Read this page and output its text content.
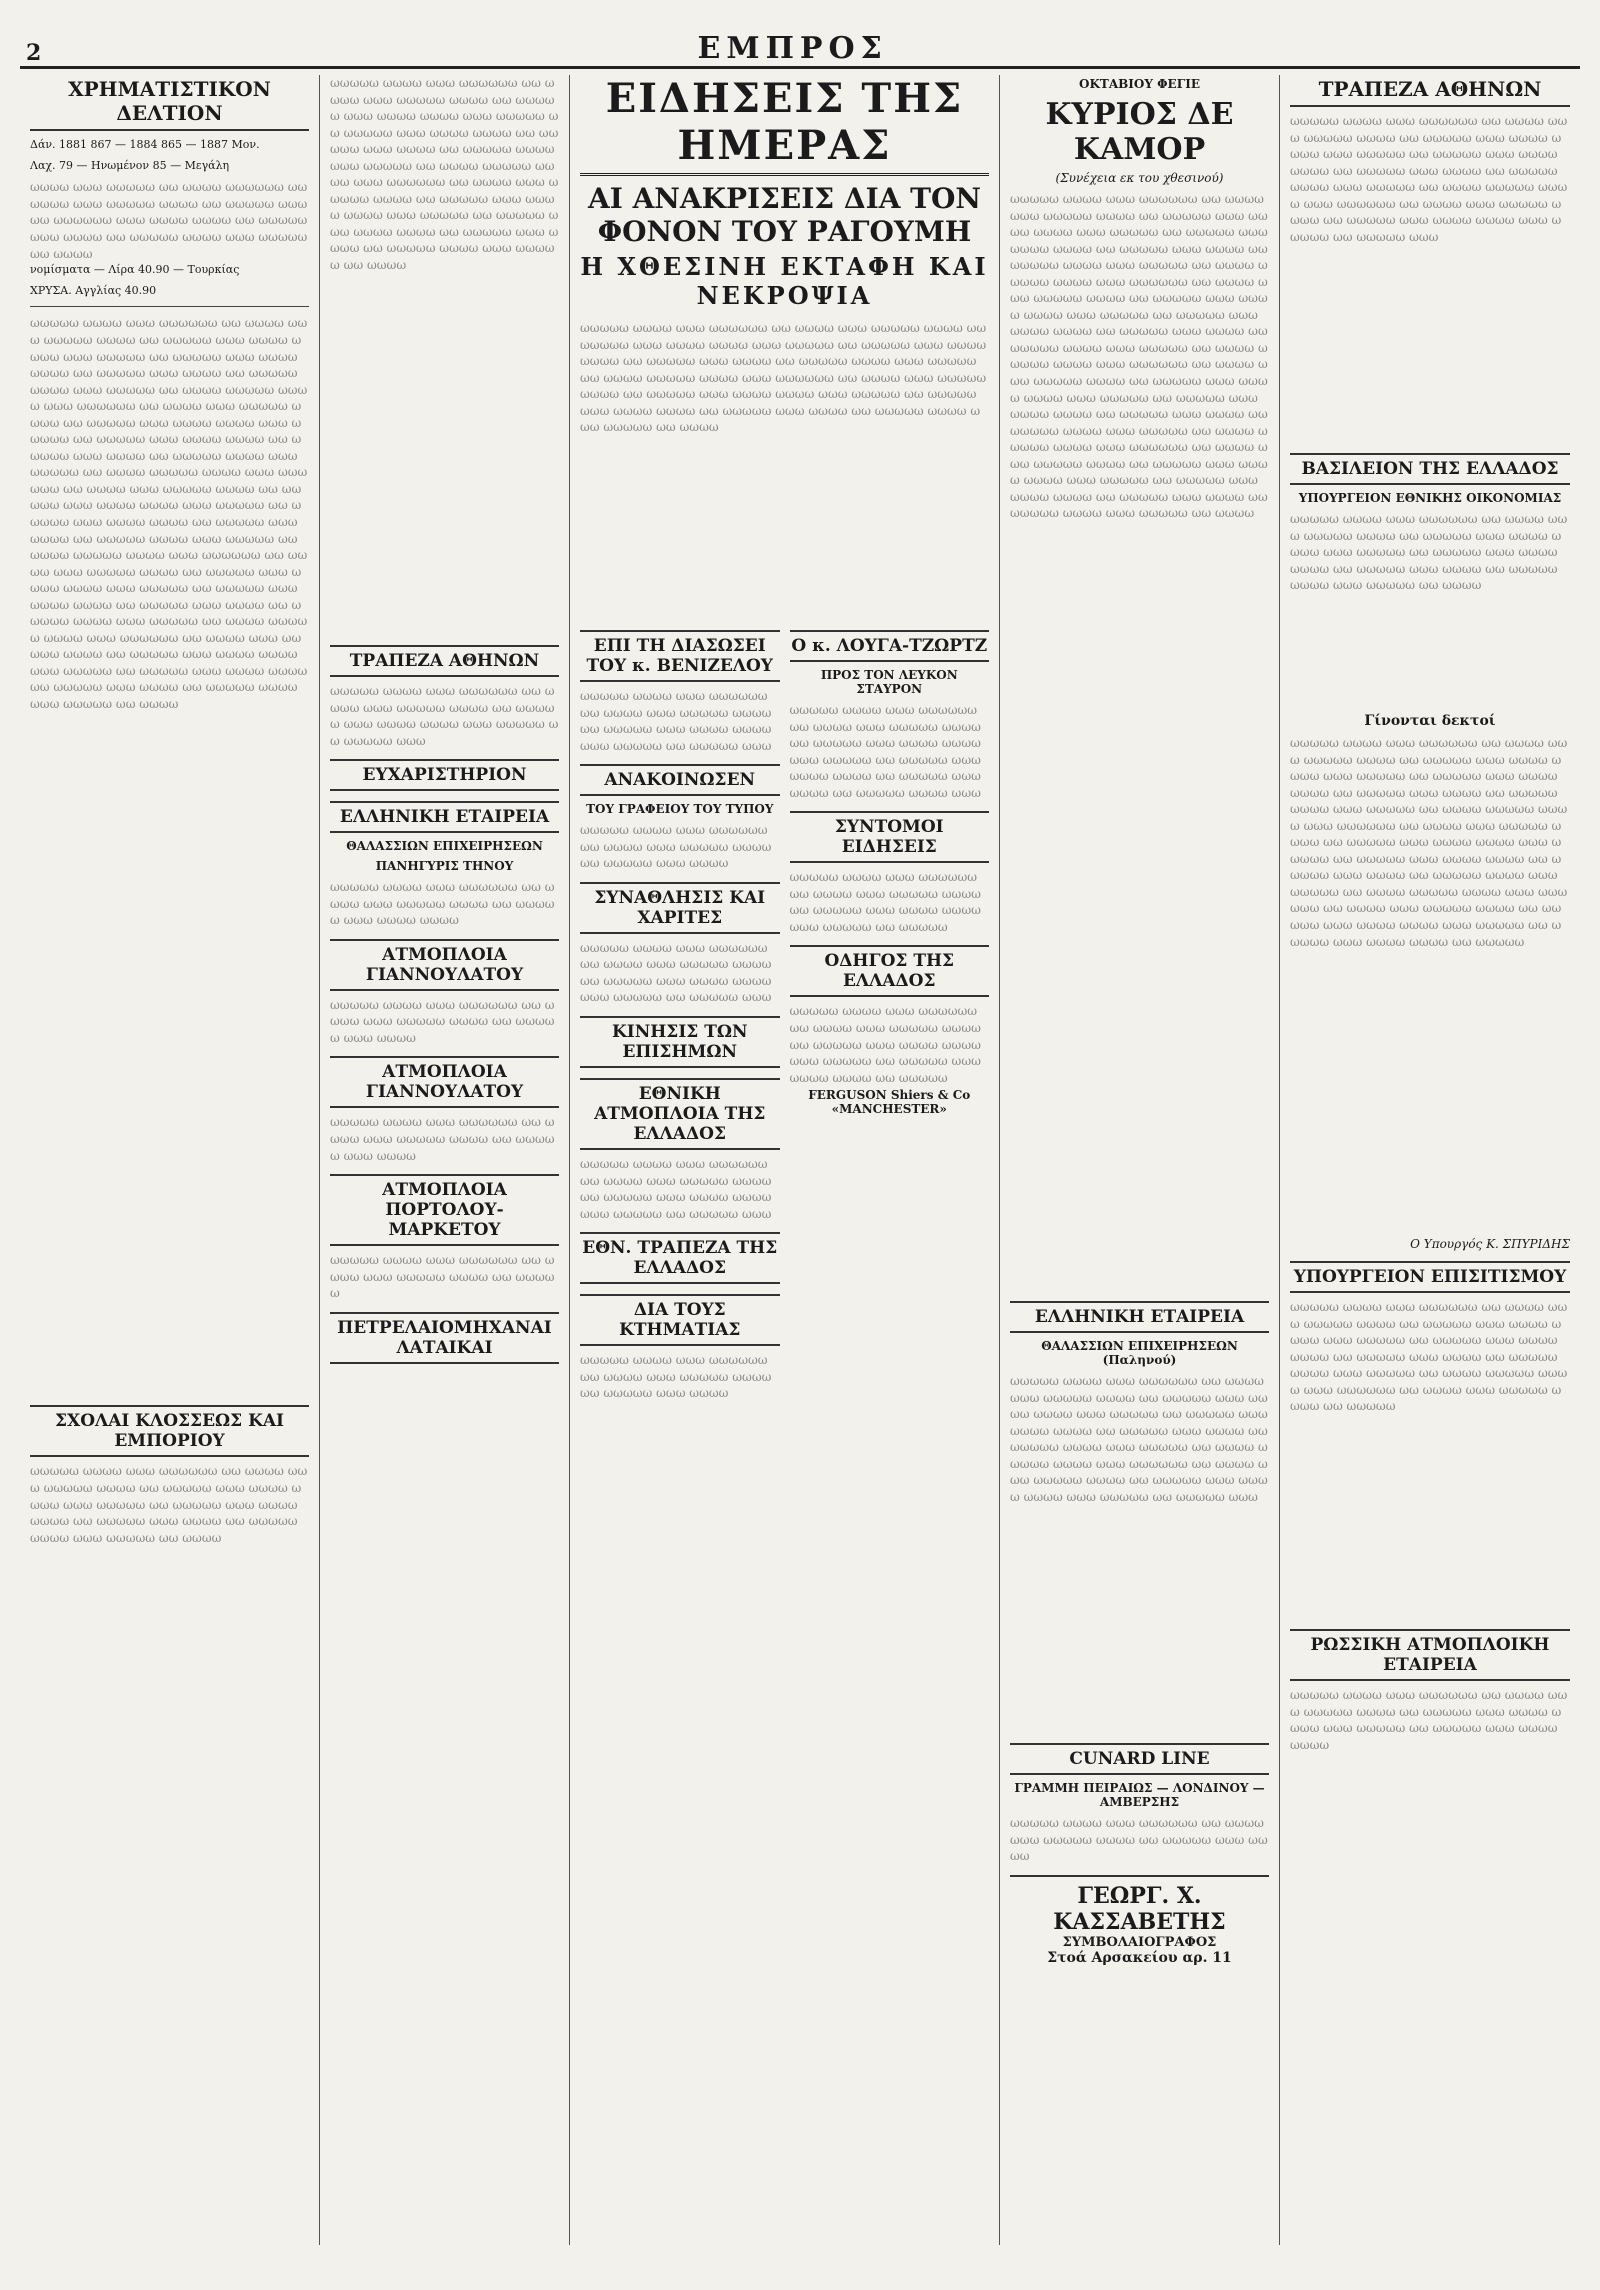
2	ΕΜΠΡΟΣ
ΧΡΗΜΑΤΙΣΤΙΚΟΝ ΔΕΛΤΙΟΝ

Δάν. 1881 867 — 1884 865 — 1887 Μον.

Λαχ. 79 — Ηνωμένον 85 — Μεγάλη

ωωωω ωωω ωωωωω ωω ωωωω ωωωωωω ωω ωωωω ωωω ωωωωω ωωωω ωω ωωωωω ωωω ωω ωωωωωω ωωω ωωωω ωωωω ωω ωωωωω ωωω ωωωω ωω ωωωωω ωωωω ωωω ωωωωω ωω ωωωω

νομίσματα — Λίρα 40.90 — Τουρκίας

ΧΡΥΣΑ. Αγγλίας 40.90

ωωωωω ωωωω ωωω ωωωωωω ωω ωωωω ωωω ωωωωω ωωωω ωω ωωωωω ωωω ωωωω ωωωω ωωω ωωωωω ωω ωωωωω ωωω ωωωω ωωωω ωω ωωωωω ωωω ωωωω ωω ωωωωω ωωωω ωωω ωωωωω ωω ωωωω ωωωωω ωωωω ωωω ωωωωωω ωω ωωωω ωωω ωωωωω ωωωω ωω ωωωωω ωωω ωωωω ωωωω ωωω ωωωωω ωω ωωωωω ωωω ωωωω ωωωω ωω ωωωωω ωωω ωωωω ωω ωωωωω ωωωω ωωω ωωωωω ωω ωωωω ωωωωω ωωωω ωωω ωωωωωω ωω ωωωω ωωω ωωωωω ωωωω ωω ωωωωω ωωω ωωωω ωωωω ωωω ωωωωω ωω ωωωωω ωωω ωωωω ωωωω ωω ωωωωω ωωω ωωωω ωω ωωωωω ωωωω ωωω ωωωωω ωω ωωωω ωωωωω ωωωω ωωω ωωωωωω ωω ωωωω ωωω ωωωωω ωωωω ωω ωωωωω ωωω ωωωω ωωωω ωωω ωωωωω ωω ωωωωω ωωω ωωωω ωωωω ωω ωωωωω ωωω ωωωω ωω ωωωωω ωωωω ωωω ωωωωω ωω ωωωω ωωωωω ωωωω ωωω ωωωωωω ωω ωωωω ωωω ωωωωω ωωωω ωω ωωωωω ωωω ωωωω ωωωω ωωω ωωωωω ωω ωωωωω ωωω ωωωω ωωωω ωω ωωωωω ωωω ωωωω ωω ωωωωω ωωωω ωωω ωωωωω ωω ωωωω
ΣΧΟΛΑΙ ΚΛΟΣΣΕΩΣ ΚΑΙ ΕΜΠΟΡΙΟΥ
ωωωωω ωωωω ωωω ωωωωωω ωω ωωωω ωωω ωωωωω ωωωω ωω ωωωωω ωωω ωωωω ωωωω ωωω ωωωωω ωω ωωωωω ωωω ωωωω ωωωω ωω ωωωωω ωωω ωωωω ωω ωωωωω ωωωω ωωω ωωωωω ωω ωωωω
ωωωωω ωωωω ωωω ωωωωωω ωω ωωωω ωωω ωωωωω ωωωω ωω ωωωωω ωωω ωωωω ωωωω ωωω ωωωωω ωω ωωωωω ωωω ωωωω ωωωω ωω ωωωωω ωωω ωωωω ωω ωωωωω ωωωω ωωω ωωωωω ωω ωωωω ωωωωω ωωωω ωωω ωωωωωω ωω ωωωω ωωω ωωωωω ωωωω ωω ωωωωω ωωω ωωωω ωωωω ωωω ωωωωω ωω ωωωωω ωωω ωωωω ωωωω ωω ωωωωω ωωω ωωωω ωω ωωωωω ωωωω ωωω ωωωωω ωω ωωωω
ΤΡΑΠΕΖΑ ΑΘΗΝΩΝ
ωωωωω ωωωω ωωω ωωωωωω ωω ωωωω ωωω ωωωωω ωωωω ωω ωωωωω ωωω ωωωω ωωωω ωωω ωωωωω ωω ωωωωω ωωω
ΕΥΧΑΡΙΣΤΗΡΙΟΝ
ΕΛΛΗΝΙΚΗ ΕΤΑΙΡΕΙΑ

ΘΑΛΑΣΣΙΩΝ ΕΠΙΧΕΙΡΗΣΕΩΝ

ΠΑΝΗΓΥΡΙΣ ΤΗΝΟΥ

ωωωωω ωωωω ωωω ωωωωωω ωω ωωωω ωωω ωωωωω ωωωω ωω ωωωωω ωωω ωωωω ωωωω
ΑΤΜΟΠΛΟΙΑ ΓΙΑΝΝΟΥΛΑΤΟΥ
ωωωωω ωωωω ωωω ωωωωωω ωω ωωωω ωωω ωωωωω ωωωω ωω ωωωωω ωωω ωωωω
ΑΤΜΟΠΛΟΙΑ ΓΙΑΝΝΟΥΛΑΤΟΥ
ωωωωω ωωωω ωωω ωωωωωω ωω ωωωω ωωω ωωωωω ωωωω ωω ωωωωω ωωω ωωωω
ΑΤΜΟΠΛΟΙΑ ΠΟΡΤΟΛΟΥ-ΜΑΡΚΕΤΟΥ
ωωωωω ωωωω ωωω ωωωωωω ωω ωωωω ωωω ωωωωω ωωωω ωω ωωωωω
ΠΕΤΡΕΛΑΙΟΜΗΧΑΝΑΙ ΛΑΤΑΙΚΑΙ
ΕΙΔΗΣΕΙΣ ΤΗΣ ΗΜΕΡΑΣ
ΑΙ ΑΝΑΚΡΙΣΕΙΣ ΔΙΑ ΤΟΝ ΦΟΝΟΝ ΤΟΥ ΡΑΓΟΥΜΗ
Η ΧΘΕΣΙΝΗ ΕΚΤΑΦΗ ΚΑΙ ΝΕΚΡΟΨΙΑ
ωωωωω ωωωω ωωω ωωωωωω ωω ωωωω ωωω ωωωωω ωωωω ωω ωωωωω ωωω ωωωω ωωωω ωωω ωωωωω ωω ωωωωω ωωω ωωωω ωωωω ωω ωωωωω ωωω ωωωω ωω ωωωωω ωωωω ωωω ωωωωω ωω ωωωω ωωωωω ωωωω ωωω ωωωωωω ωω ωωωω ωωω ωωωωω ωωωω ωω ωωωωω ωωω ωωωω ωωωω ωωω ωωωωω ωω ωωωωω ωωω ωωωω ωωωω ωω ωωωωω ωωω ωωωω ωω ωωωωω ωωωω ωωω ωωωωω ωω ωωωω
ΕΠΙ ΤΗ ΔΙΑΣΩΣΕΙ ΤΟΥ κ. ΒΕΝΙΖΕΛΟΥ
ωωωωω ωωωω ωωω ωωωωωω ωω ωωωω ωωω ωωωωω ωωωω ωω ωωωωω ωωω ωωωω ωωωω ωωω ωωωωω ωω ωωωωω ωωω
ΑΝΑΚΟΙΝΩΣΕΝ

ΤΟΥ ΓΡΑΦΕΙΟΥ ΤΟΥ ΤΥΠΟΥ

ωωωωω ωωωω ωωω ωωωωωω ωω ωωωω ωωω ωωωωω ωωωω ωω ωωωωω ωωω ωωωω
ΣΥΝΑΘΛΗΣΙΣ ΚΑΙ ΧΑΡΙΤΕΣ
ωωωωω ωωωω ωωω ωωωωωω ωω ωωωω ωωω ωωωωω ωωωω ωω ωωωωω ωωω ωωωω ωωωω ωωω ωωωωω ωω ωωωωω ωωω
ΚΙΝΗΣΙΣ ΤΩΝ ΕΠΙΣΗΜΩΝ
ΕΘΝΙΚΗ ΑΤΜΟΠΛΟΙΑ ΤΗΣ ΕΛΛΑΔΟΣ
ωωωωω ωωωω ωωω ωωωωωω ωω ωωωω ωωω ωωωωω ωωωω ωω ωωωωω ωωω ωωωω ωωωω ωωω ωωωωω ωω ωωωωω ωωω
ΕΘΝ. ΤΡΑΠΕΖΑ ΤΗΣ ΕΛΛΑΔΟΣ
ΔΙΑ ΤΟΥΣ ΚΤΗΜΑΤΙΑΣ
ωωωωω ωωωω ωωω ωωωωωω ωω ωωωω ωωω ωωωωω ωωωω ωω ωωωωω ωωω ωωωω
Ο κ. ΛΟΥΓΑ-ΤΖΩΡΤΖ

ΠΡΟΣ ΤΟΝ ΛΕΥΚΟΝ ΣΤΑΥΡΟΝ

ωωωωω ωωωω ωωω ωωωωωω ωω ωωωω ωωω ωωωωω ωωωω ωω ωωωωω ωωω ωωωω ωωωω ωωω ωωωωω ωω ωωωωω ωωω ωωωω ωωωω ωω ωωωωω ωωω ωωωω ωω ωωωωω ωωωω ωωω
ΣΥΝΤΟΜΟΙ ΕΙΔΗΣΕΙΣ
ωωωωω ωωωω ωωω ωωωωωω ωω ωωωω ωωω ωωωωω ωωωω ωω ωωωωω ωωω ωωωω ωωωω ωωω ωωωωω ωω ωωωωω
ΟΔΗΓΟΣ ΤΗΣ ΕΛΛΑΔΟΣ
ωωωωω ωωωω ωωω ωωωωωω ωω ωωωω ωωω ωωωωω ωωωω ωω ωωωωω ωωω ωωωω ωωωω ωωω ωωωωω ωω ωωωωω ωωω ωωωω ωωωω ωω ωωωωω

FERGUSON Shiers & Co «MANCHESTER»

ΟΚΤΑΒΙΟΥ ΦΕΓΙΕ

ΚΥΡΙΟΣ ΔΕ ΚΑΜΟΡ

(Συνέχεια εκ του χθεσινού)

ωωωωω ωωωω ωωω ωωωωωω ωω ωωωω ωωω ωωωωω ωωωω ωω ωωωωω ωωω ωωωω ωωωω ωωω ωωωωω ωω ωωωωω ωωω ωωωω ωωωω ωω ωωωωω ωωω ωωωω ωω ωωωωω ωωωω ωωω ωωωωω ωω ωωωω ωωωωω ωωωω ωωω ωωωωωω ωω ωωωω ωωω ωωωωω ωωωω ωω ωωωωω ωωω ωωωω ωωωω ωωω ωωωωω ωω ωωωωω ωωω ωωωω ωωωω ωω ωωωωω ωωω ωωωω ωω ωωωωω ωωωω ωωω ωωωωω ωω ωωωω ωωωωω ωωωω ωωω ωωωωωω ωω ωωωω ωωω ωωωωω ωωωω ωω ωωωωω ωωω ωωωω ωωωω ωωω ωωωωω ωω ωωωωω ωωω ωωωω ωωωω ωω ωωωωω ωωω ωωωω ωω ωωωωω ωωωω ωωω ωωωωω ωω ωωωω ωωωωω ωωωω ωωω ωωωωωω ωω ωωωω ωωω ωωωωω ωωωω ωω ωωωωω ωωω ωωωω ωωωω ωωω ωωωωω ωω ωωωωω ωωω ωωωω ωωωω ωω ωωωωω ωωω ωωωω ωω ωωωωω ωωωω ωωω ωωωωω ωω ωωωω
ΕΛΛΗΝΙΚΗ ΕΤΑΙΡΕΙΑ

ΘΑΛΑΣΣΙΩΝ ΕΠΙΧΕΙΡΗΣΕΩΝ (Παληνού)

ωωωωω ωωωω ωωω ωωωωωω ωω ωωωω ωωω ωωωωω ωωωω ωω ωωωωω ωωω ωωωω ωωωω ωωω ωωωωω ωω ωωωωω ωωω ωωωω ωωωω ωω ωωωωω ωωω ωωωω ωω ωωωωω ωωωω ωωω ωωωωω ωω ωωωω ωωωωω ωωωω ωωω ωωωωωω ωω ωωωω ωωω ωωωωω ωωωω ωω ωωωωω ωωω ωωωω ωωωω ωωω ωωωωω ωω ωωωωω ωωω
CUNARD LINE

ΓΡΑΜΜΗ ΠΕΙΡΑΙΩΣ — ΛΟΝΔΙΝΟΥ — ΑΜΒΕΡΣΗΣ

ωωωωω ωωωω ωωω ωωωωωω ωω ωωωω ωωω ωωωωω ωωωω ωω ωωωωω ωωω ωωωω
ΓΕΩΡΓ. Χ. ΚΑΣΣΑΒΕΤΗΣ
ΣΥΜΒΟΛΑΙΟΓΡΑΦΟΣ
Στοά Αρσακείου αρ. 11
ΤΡΑΠΕΖΑ ΑΘΗΝΩΝ
ωωωωω ωωωω ωωω ωωωωωω ωω ωωωω ωωω ωωωωω ωωωω ωω ωωωωω ωωω ωωωω ωωωω ωωω ωωωωω ωω ωωωωω ωωω ωωωω ωωωω ωω ωωωωω ωωω ωωωω ωω ωωωωω ωωωω ωωω ωωωωω ωω ωωωω ωωωωω ωωωω ωωω ωωωωωω ωω ωωωω ωωω ωωωωω ωωωω ωω ωωωωω ωωω ωωωω ωωωω ωωω ωωωωω ωω ωωωωω ωωω
ΒΑΣΙΛΕΙΟΝ ΤΗΣ ΕΛΛΑΔΟΣ

ΥΠΟΥΡΓΕΙΟΝ ΕΘΝΙΚΗΣ ΟΙΚΟΝΟΜΙΑΣ

ωωωωω ωωωω ωωω ωωωωωω ωω ωωωω ωωω ωωωωω ωωωω ωω ωωωωω ωωω ωωωω ωωωω ωωω ωωωωω ωω ωωωωω ωωω ωωωω ωωωω ωω ωωωωω ωωω ωωωω ωω ωωωωω ωωωω ωωω ωωωωω ωω ωωωω

Γίνονται δεκτοί

ωωωωω ωωωω ωωω ωωωωωω ωω ωωωω ωωω ωωωωω ωωωω ωω ωωωωω ωωω ωωωω ωωωω ωωω ωωωωω ωω ωωωωω ωωω ωωωω ωωωω ωω ωωωωω ωωω ωωωω ωω ωωωωω ωωωω ωωω ωωωωω ωω ωωωω ωωωωω ωωωω ωωω ωωωωωω ωω ωωωω ωωω ωωωωω ωωωω ωω ωωωωω ωωω ωωωω ωωωω ωωω ωωωωω ωω ωωωωω ωωω ωωωω ωωωω ωω ωωωωω ωωω ωωωω ωω ωωωωω ωωωω ωωω ωωωωω ωω ωωωω ωωωωω ωωωω ωωω ωωωωωω ωω ωωωω ωωω ωωωωω ωωωω ωω ωωωωω ωωω ωωωω ωωωω ωωω ωωωωω ωω ωωωωω ωωω ωωωω ωωωω ωω ωωωωω

Ο Υπουργός Κ. ΣΠΥΡΙΔΗΣ

ΥΠΟΥΡΓΕΙΟΝ ΕΠΙΣΙΤΙΣΜΟΥ
ωωωωω ωωωω ωωω ωωωωωω ωω ωωωω ωωω ωωωωω ωωωω ωω ωωωωω ωωω ωωωω ωωωω ωωω ωωωωω ωω ωωωωω ωωω ωωωω ωωωω ωω ωωωωω ωωω ωωωω ωω ωωωωω ωωωω ωωω ωωωωω ωω ωωωω ωωωωω ωωωω ωωω ωωωωωω ωω ωωωω ωωω ωωωωω ωωωω ωω ωωωωω
ΡΩΣΣΙΚΗ ΑΤΜΟΠΛΟΙΚΗ ΕΤΑΙΡΕΙΑ
ωωωωω ωωωω ωωω ωωωωωω ωω ωωωω ωωω ωωωωω ωωωω ωω ωωωωω ωωω ωωωω ωωωω ωωω ωωωωω ωω ωωωωω ωωω ωωωω ωωωω
